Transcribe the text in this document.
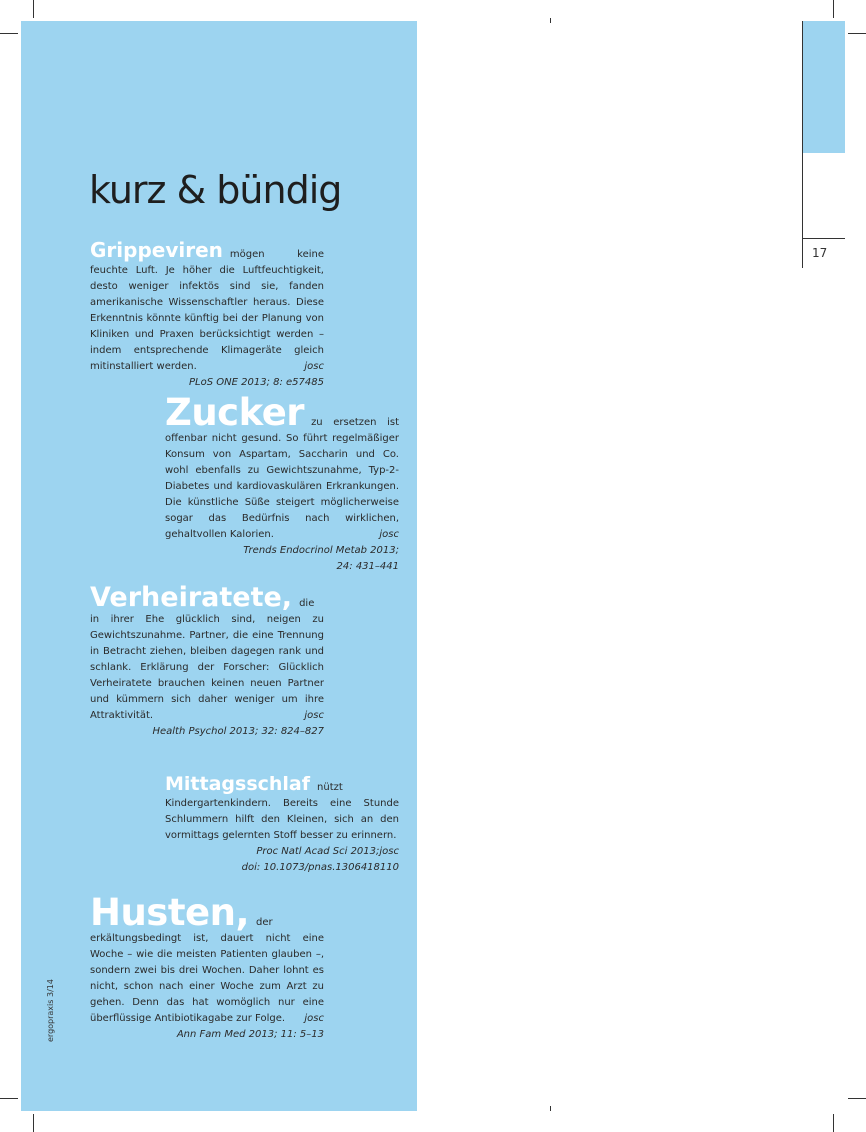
17
kurz & bündig

Grippeviren mögen keine feuchte Luft. Je höher die Luftfeuchtigkeit, desto weniger infektös sind sie, fanden amerikanische Wissenschaftler heraus. Diese Erkenntnis könnte künftig bei der Planung von Kliniken und Praxen berücksichtigt werden – indem entsprechende Klimageräte gleich mitinstalliert werden.	josc

PLoS ONE 2013; 8: e57485

Zucker zu ersetzen ist offenbar nicht gesund. So führt regelmäßiger Konsum von Aspartam, Saccharin und Co. wohl ebenfalls zu Gewichtszunahme, Typ-2-Diabetes und kardiovaskulären Erkrankungen. Die künstliche Süße steigert möglicherweise sogar das Bedürfnis nach wirklichen, gehaltvollen Kalorien.	josc

Trends Endocrinol Metab 2013;
24: 431–441

Verheiratete, die in ihrer Ehe glücklich sind, neigen zu Gewichtszunahme. Partner, die eine Trennung in Betracht ziehen, bleiben dagegen rank und schlank. Erklärung der Forscher: Glücklich Verheiratete brauchen keinen neuen Partner und kümmern sich daher weniger um ihre Attraktivität.	josc

Health Psychol 2013; 32: 824–827

Mittagsschlaf nützt Kindergartenkindern. Bereits eine Stunde Schlummern hilft den Kleinen, sich an den vormittags gelernten Stoff besser zu erinnern.
josc

Proc Natl Acad Sci 2013;
doi: 10.1073/pnas.1306418110

Husten, der erkältungsbedingt ist, dauert nicht eine Woche – wie die meisten Patienten glauben –, sondern zwei bis drei Wochen. Daher lohnt es nicht, schon nach einer Woche zum Arzt zu gehen. Denn das hat womöglich nur eine überflüssige Antibiotikagabe zur Folge. josc

Ann Fam Med 2013; 11: 5–13
ergopraxis 3/14
